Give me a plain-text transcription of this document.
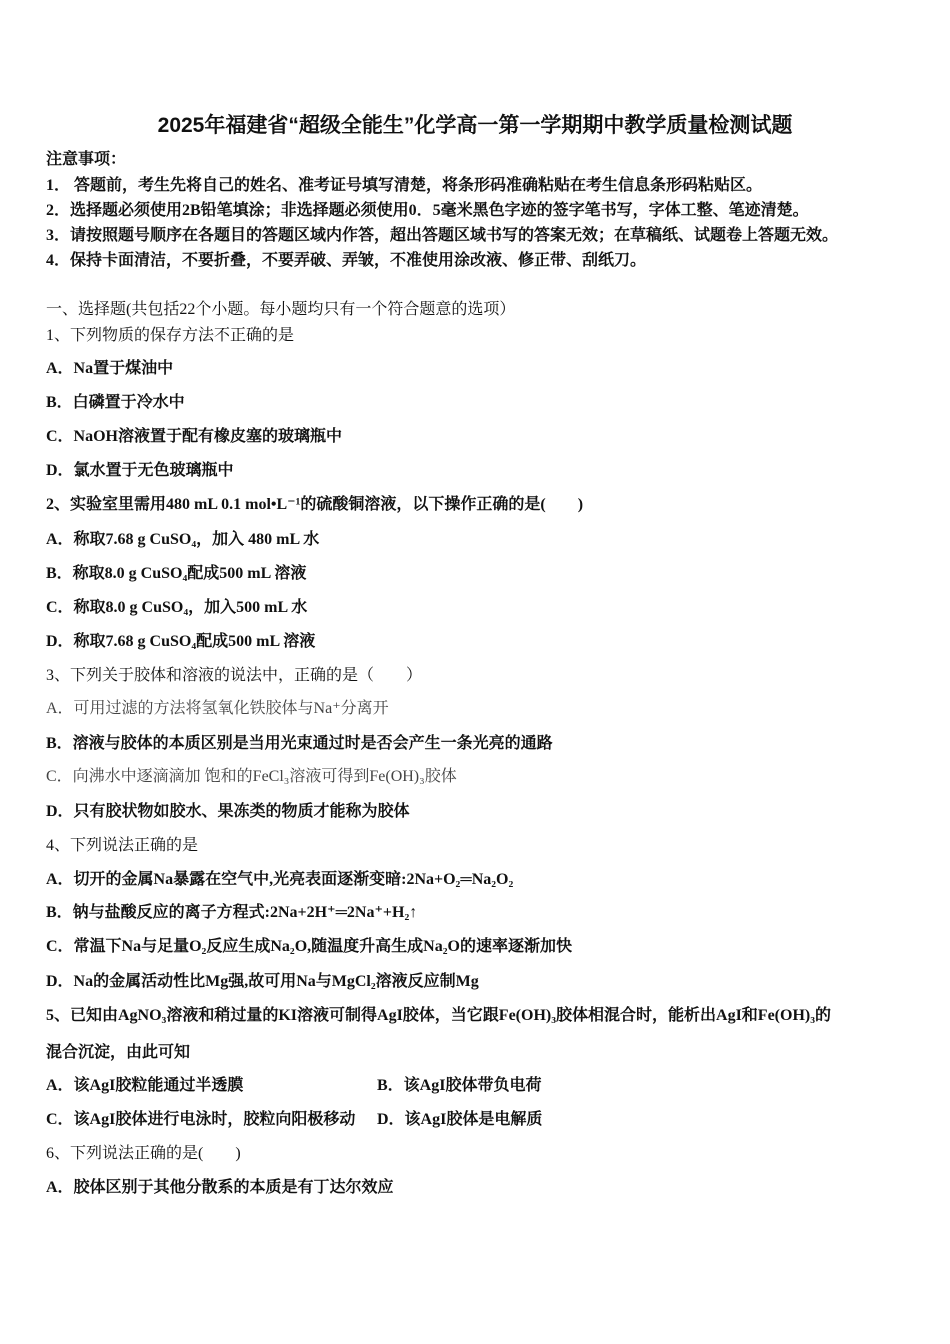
2025年福建省“超级全能生”化学高一第一学期期中教学质量检测试题
注意事项：
1． 答题前，考生先将自己的姓名、准考证号填写清楚，将条形码准确粘贴在考生信息条形码粘贴区。
2．选择题必须使用2B铅笔填涂；非选择题必须使用0．5毫米黑色字迹的签字笔书写，字体工整、笔迹清楚。
3．请按照题号顺序在各题目的答题区域内作答，超出答题区域书写的答案无效；在草稿纸、试题卷上答题无效。
4．保持卡面清洁，不要折叠，不要弄破、弄皱，不准使用涂改液、修正带、刮纸刀。
一、选择题(共包括22个小题。每小题均只有一个符合题意的选项）
1、下列物质的保存方法不正确的是
A．Na置于煤油中
B．白磷置于冷水中
C．NaOH溶液置于配有橡皮塞的玻璃瓶中
D．氯水置于无色玻璃瓶中
2、实验室里需用480 mL 0.1 mol•L⁻¹的硫酸铜溶液，以下操作正确的是(　　)
A．称取7.68 g CuSO₄，加入 480 mL 水
B．称取8.0 g CuSO₄配成500 mL 溶液
C．称取8.0 g CuSO₄，加入500 mL 水
D．称取7.68 g CuSO₄配成500 mL 溶液
3、下列关于胶体和溶液的说法中，正确的是（　　）
A．可用过滤的方法将氢氧化铁胶体与Na⁺分离开
B．溶液与胶体的本质区别是当用光束通过时是否会产生一条光亮的通路
C．向沸水中逐滴滴加 饱和的FeCl₃溶液可得到Fe(OH)₃胶体
D．只有胶状物如胶水、果冻类的物质才能称为胶体
4、下列说法正确的是
A．切开的金属Na暴露在空气中,光亮表面逐渐变暗:2Na+O₂═Na₂O₂
B．钠与盐酸反应的离子方程式:2Na+2H⁺═2Na⁺+H₂↑
C．常温下Na与足量O₂反应生成Na₂O,随温度升高生成Na₂O的速率逐渐加快
D．Na的金属活动性比Mg强,故可用Na与MgCl₂溶液反应制Mg
5、已知由AgNO₃溶液和稍过量的KI溶液可制得AgI胶体，当它跟Fe(OH)₃胶体相混合时，能析出AgI和Fe(OH)₃的
混合沉淀，由此可知
A．该AgI胶粒能通过半透膜	B．该AgI胶体带负电荷
C．该AgI胶体进行电泳时，胶粒向阳极移动 D．该AgI胶体是电解质
6、下列说法正确的是(　　)
A．胶体区别于其他分散系的本质是有丁达尔效应
